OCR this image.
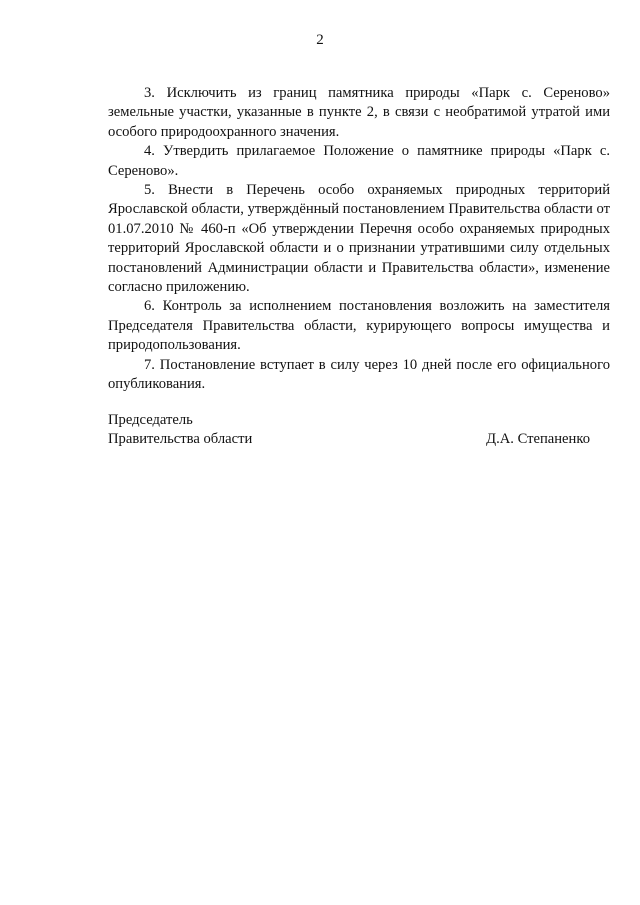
2

3. Исключить из границ памятника природы «Парк с. Сереново» земельные участки, указанные в пункте 2, в связи с необратимой утратой ими особого природоохранного значения.

4. Утвердить прилагаемое Положение о памятнике природы «Парк с. Сереново».

5. Внести в Перечень особо охраняемых природных территорий Ярославской области, утверждённый постановлением Правительства области от 01.07.2010 № 460-п «Об утверждении Перечня особо охраняемых природных территорий Ярославской области и о признании утратившими силу отдельных постановлений Администрации области и Правительства области», изменение согласно приложению.

6. Контроль за исполнением постановления возложить на заместителя Председателя Правительства области, курирующего вопросы имущества и природопользования.

7. Постановление вступает в силу через 10 дней после его официального опубликования.

Председатель
Правительства области	Д.А. Степаненко
